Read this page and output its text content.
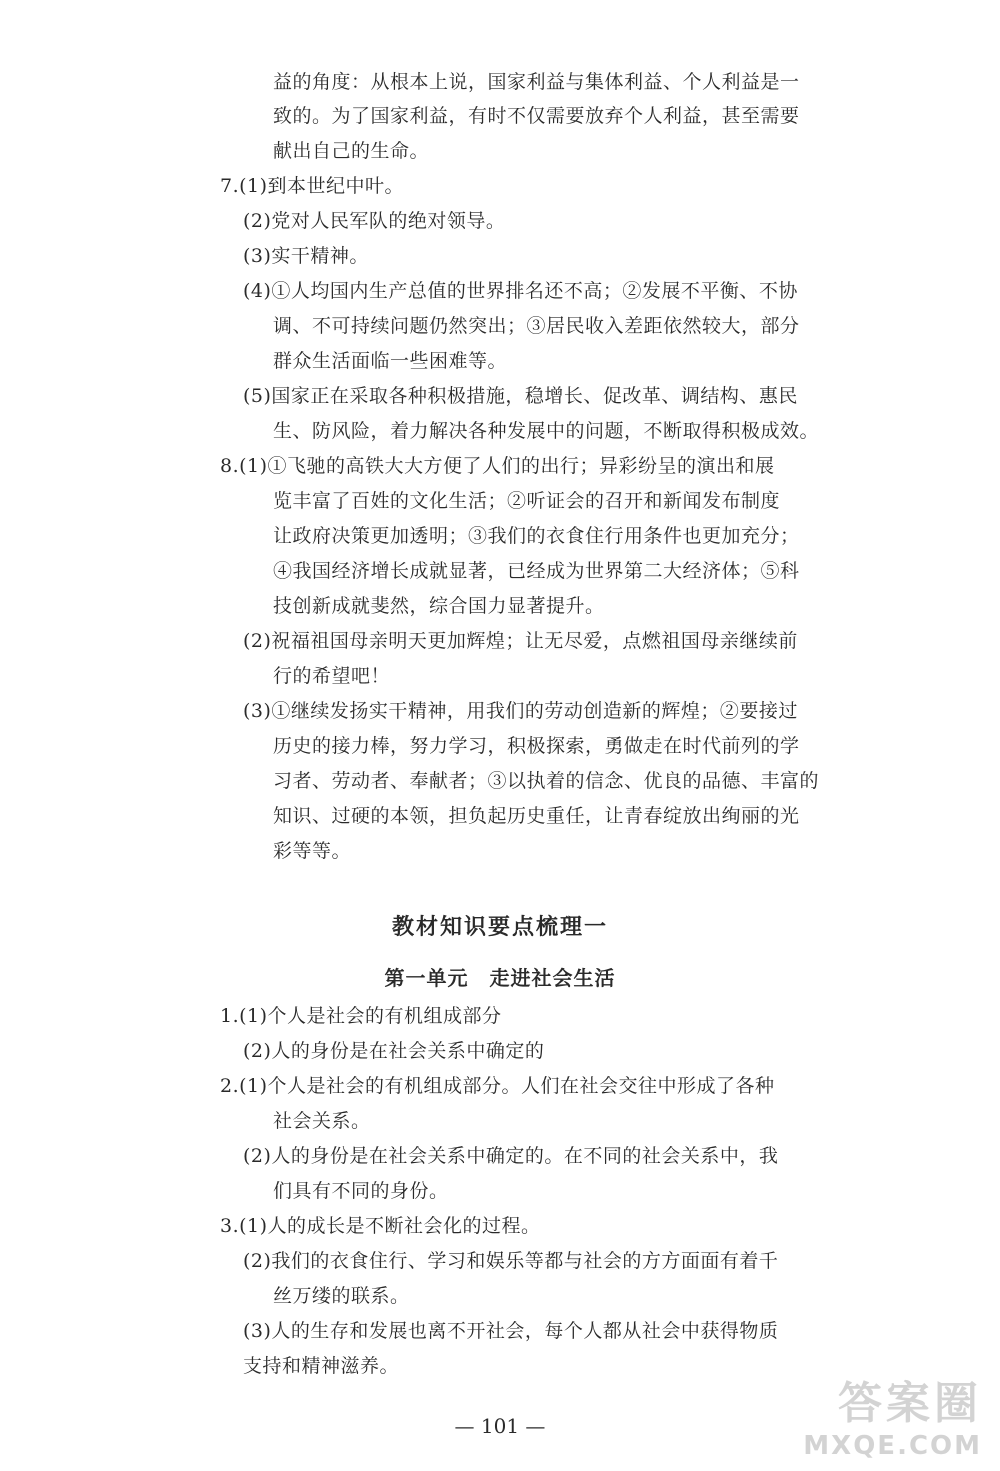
益的角度：从根本上说，国家利益与集体利益、个人利益是一
致的。为了国家利益，有时不仅需要放弃个人利益，甚至需要
献出自己的生命。
7.(1)到本世纪中叶。
(2)党对人民军队的绝对领导。
(3)实干精神。
(4)①人均国内生产总值的世界排名还不高；②发展不平衡、不协
调、不可持续问题仍然突出；③居民收入差距依然较大，部分
群众生活面临一些困难等。
(5)国家正在采取各种积极措施，稳增长、促改革、调结构、惠民
生、防风险，着力解决各种发展中的问题，不断取得积极成效。
8.(1)①飞驰的高铁大大方便了人们的出行；异彩纷呈的演出和展
览丰富了百姓的文化生活；②听证会的召开和新闻发布制度
让政府决策更加透明；③我们的衣食住行用条件也更加充分；
④我国经济增长成就显著，已经成为世界第二大经济体；⑤科
技创新成就斐然，综合国力显著提升。
(2)祝福祖国母亲明天更加辉煌；让无尽爱，点燃祖国母亲继续前
行的希望吧！
(3)①继续发扬实干精神，用我们的劳动创造新的辉煌；②要接过
历史的接力棒，努力学习，积极探索，勇做走在时代前列的学
习者、劳动者、奉献者；③以执着的信念、优良的品德、丰富的
知识、过硬的本领，担负起历史重任，让青春绽放出绚丽的光
彩等等。
教材知识要点梳理一
第一单元　走进社会生活
1.(1)个人是社会的有机组成部分
(2)人的身份是在社会关系中确定的
2.(1)个人是社会的有机组成部分。人们在社会交往中形成了各种
社会关系。
(2)人的身份是在社会关系中确定的。在不同的社会关系中，我
们具有不同的身份。
3.(1)人的成长是不断社会化的过程。
(2)我们的衣食住行、学习和娱乐等都与社会的方方面面有着千
丝万缕的联系。
(3)人的生存和发展也离不开社会，每个人都从社会中获得物质
支持和精神滋养。
— 101 —	答案圈
MXQE.COM
